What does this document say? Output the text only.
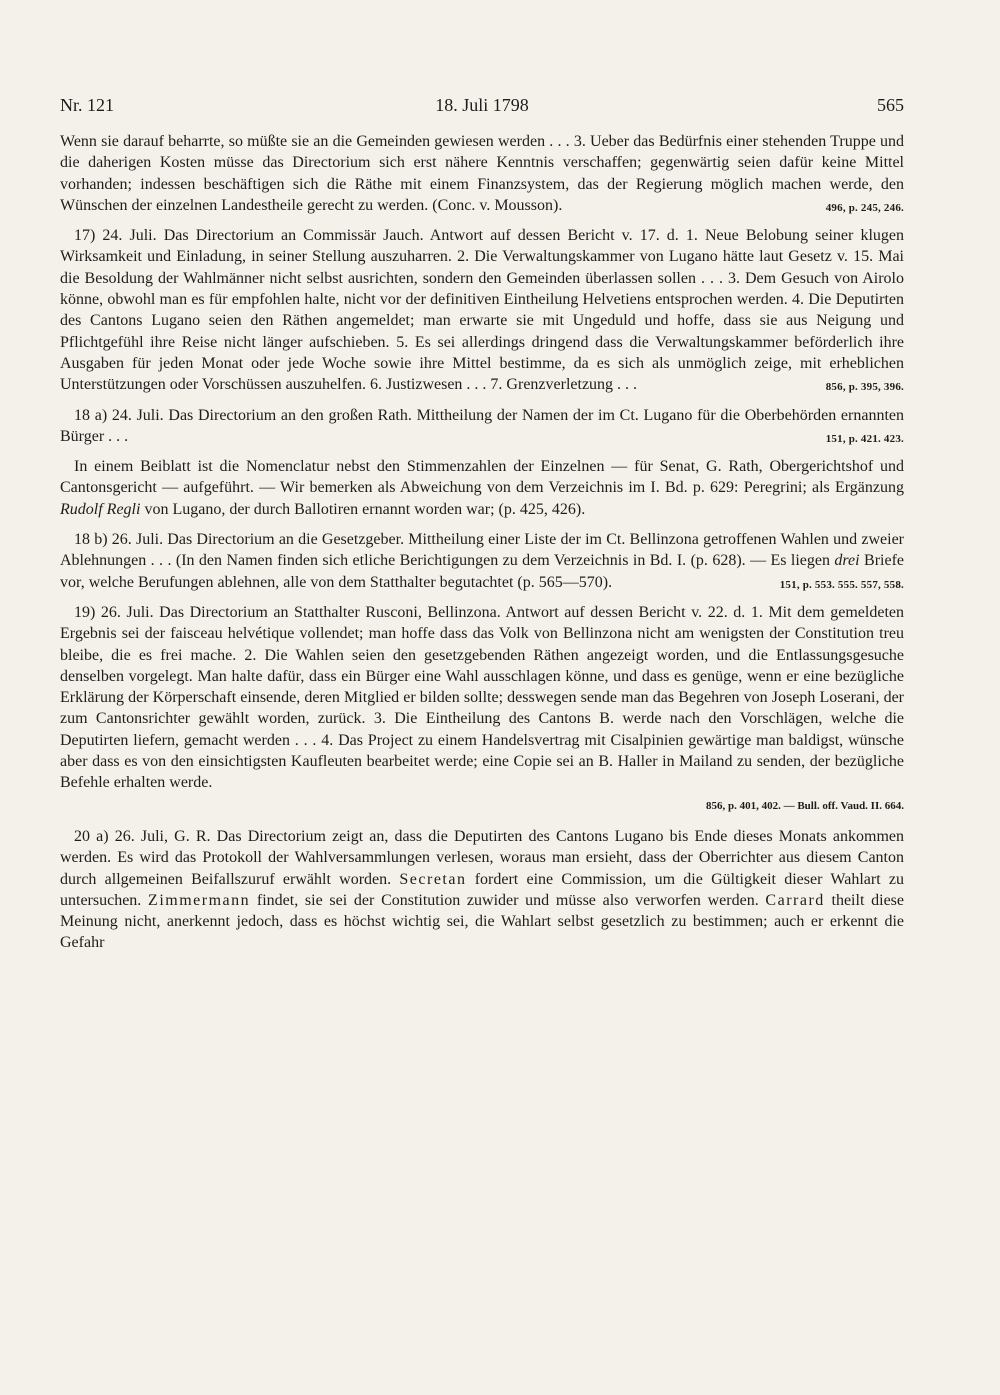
Nr. 121	18. Juli 1798	565

Wenn sie darauf beharrte, so müßte sie an die Gemeinden gewiesen werden . . . 3. Ueber das Bedürfnis einer stehenden Truppe und die daherigen Kosten müsse das Directorium sich erst nähere Kenntnis verschaffen; gegenwärtig seien dafür keine Mittel vorhanden; indessen beschäftigen sich die Räthe mit einem Finanzsystem, das der Regierung möglich machen werde, den Wünschen der einzelnen Landestheile gerecht zu werden. (Conc. v. Mousson).	496, p. 245, 246.

17) 24. Juli. Das Directorium an Commissär Jauch. Antwort auf dessen Bericht v. 17. d. 1. Neue Belobung seiner klugen Wirksamkeit und Einladung, in seiner Stellung auszuharren. 2. Die Verwaltungskammer von Lugano hätte laut Gesetz v. 15. Mai die Besoldung der Wahlmänner nicht selbst ausrichten, sondern den Gemeinden überlassen sollen . . . 3. Dem Gesuch von Airolo könne, obwohl man es für empfohlen halte, nicht vor der definitiven Eintheilung Helvetiens entsprochen werden. 4. Die Deputirten des Cantons Lugano seien den Räthen angemeldet; man erwarte sie mit Ungeduld und hoffe, dass sie aus Neigung und Pflichtgefühl ihre Reise nicht länger aufschieben. 5. Es sei allerdings dringend dass die Verwaltungskammer beförderlich ihre Ausgaben für jeden Monat oder jede Woche sowie ihre Mittel bestimme, da es sich als unmöglich zeige, mit erheblichen Unterstützungen oder Vorschüssen auszuhelfen. 6. Justizwesen . . . 7. Grenzverletzung . . .	856, p. 395, 396.

18 a) 24. Juli. Das Directorium an den großen Rath. Mittheilung der Namen der im Ct. Lugano für die Oberbehörden ernannten Bürger . . .	151, p. 421. 423.

In einem Beiblatt ist die Nomenclatur nebst den Stimmenzahlen der Einzelnen — für Senat, G. Rath, Obergerichtshof und Cantonsgericht — aufgeführt. — Wir bemerken als Abweichung von dem Verzeichnis im I. Bd. p. 629: Peregrini; als Ergänzung Rudolf Regli von Lugano, der durch Ballotiren ernannt worden war; (p. 425, 426).

18 b) 26. Juli. Das Directorium an die Gesetzgeber. Mittheilung einer Liste der im Ct. Bellinzona getroffenen Wahlen und zweier Ablehnungen . . . (In den Namen finden sich etliche Berichtigungen zu dem Verzeichnis in Bd. I. (p. 628). — Es liegen drei Briefe vor, welche Berufungen ablehnen, alle von dem Statthalter begutachtet (p. 565—570).	151, p. 553. 555. 557, 558.

19) 26. Juli. Das Directorium an Statthalter Rusconi, Bellinzona. Antwort auf dessen Bericht v. 22. d. 1. Mit dem gemeldeten Ergebnis sei der faisceau helvétique vollendet; man hoffe dass das Volk von Bellinzona nicht am wenigsten der Constitution treu bleibe, die es frei mache. 2. Die Wahlen seien den gesetzgebenden Räthen angezeigt worden, und die Entlassungsgesuche denselben vorgelegt. Man halte dafür, dass ein Bürger eine Wahl ausschlagen könne, und dass es genüge, wenn er eine bezügliche Erklärung der Körperschaft einsende, deren Mitglied er bilden sollte; desswegen sende man das Begehren von Joseph Loserani, der zum Cantonsrichter gewählt worden, zurück. 3. Die Eintheilung des Cantons B. werde nach den Vorschlägen, welche die Deputirten liefern, gemacht werden . . . 4. Das Project zu einem Handelsvertrag mit Cisalpinien gewärtige man baldigst, wünsche aber dass es von den einsichtigsten Kaufleuten bearbeitet werde; eine Copie sei an B. Haller in Mailand zu senden, der bezügliche Befehle erhalten werde.

856, p. 401, 402. — Bull. off. Vaud. II. 664.

20 a) 26. Juli, G. R. Das Directorium zeigt an, dass die Deputirten des Cantons Lugano bis Ende dieses Monats ankommen werden. Es wird das Protokoll der Wahlversammlungen verlesen, woraus man ersieht, dass der Oberrichter aus diesem Canton durch allgemeinen Beifallszuruf erwählt worden. Secretan fordert eine Commission, um die Gültigkeit dieser Wahlart zu untersuchen. Zimmermann findet, sie sei der Constitution zuwider und müsse also verworfen werden. Carrard theilt diese Meinung nicht, anerkennt jedoch, dass es höchst wichtig sei, die Wahlart selbst gesetzlich zu bestimmen; auch er erkennt die Gefahr
